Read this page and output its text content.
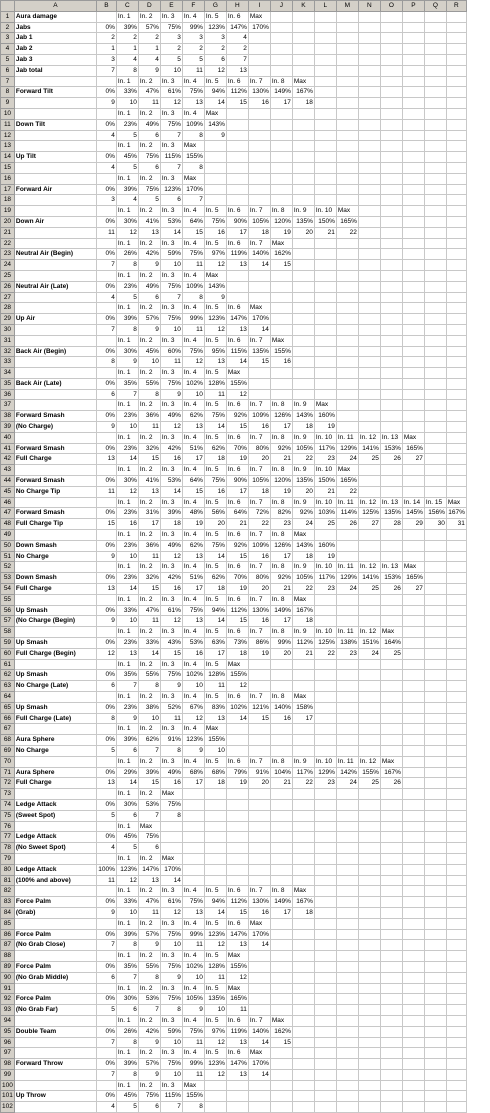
	A	B	C	D	E	F	G	H	I	J	K	L	M	N	O	P	Q	R
1	Aura damage		In. 1	In. 2	In. 3	In. 4	In. 5	In. 6	Max									
2	Jabs	0%	39%	57%	75%	99%	123%	147%	170%									
3	Jab 1	2	2	2	3	3	3	4										
4	Jab 2	1	1	1	2	2	2	2										
5	Jab 3	3	4	4	5	5	6	7										
6	Jab total	7	8	9	10	11	12	13										
7			In. 1	In. 2	In. 3	In. 4	In. 5	In. 6	In. 7	In. 8	Max							
8	Forward Tilt	0%	33%	47%	61%	75%	94%	112%	130%	149%	167%							
9		9	10	11	12	13	14	15	16	17	18							
10			In. 1	In. 2	In. 3	In. 4	Max											
11	Down Tilt	0%	23%	49%	75%	109%	143%											
12		4	5	6	7	8	9											
13			In. 1	In. 2	In. 3	Max												
14	Up Tilt	0%	45%	75%	115%	155%												
15		4	5	6	7	8												
16			In. 1	In. 2	In. 3	Max												
17	Forward Air	0%	39%	75%	123%	170%												
18		3	4	5	6	7												
19			In. 1	In. 2	In. 3	In. 4	In. 5	In. 6	In. 7	In. 8	In. 9	In. 10	Max					
20	Down Air	0%	30%	41%	53%	64%	75%	90%	105%	120%	135%	150%	165%					
21		11	12	13	14	15	16	17	18	19	20	21	22					
22			In. 1	In. 2	In. 3	In. 4	In. 5	In. 6	In. 7	Max								
23	Neutral Air (Begin)	0%	26%	42%	59%	75%	97%	119%	140%	162%								
24		7	8	9	10	11	12	13	14	15								
25			In. 1	In. 2	In. 3	In. 4	Max											
26	Neutral Air (Late)	0%	23%	49%	75%	109%	143%											
27		4	5	6	7	8	9											
28			In. 1	In. 2	In. 3	In. 4	In. 5	In. 6	Max									
29	Up Air	0%	39%	57%	75%	99%	123%	147%	170%									
30		7	8	9	10	11	12	13	14									
31			In. 1	In. 2	In. 3	In. 4	In. 5	In. 6	In. 7	Max								
32	Back Air (Begin)	0%	30%	45%	60%	75%	95%	115%	135%	155%								
33		8	9	10	11	12	13	14	15	16								
34			In. 1	In. 2	In. 3	In. 4	In. 5	Max										
35	Back Air (Late)	0%	35%	55%	75%	102%	128%	155%										
36		6	7	8	9	10	11	12										
37			In. 1	In. 2	In. 3	In. 4	In. 5	In. 6	In. 7	In. 8	In. 9	Max						
38	Forward Smash	0%	23%	36%	49%	62%	75%	92%	109%	126%	143%	160%						
39	(No Charge)	9	10	11	12	13	14	15	16	17	18	19						
40			In. 1	In. 2	In. 3	In. 4	In. 5	In. 6	In. 7	In. 8	In. 9	In. 10	In. 11	In. 12	In. 13	Max		
41	Forward Smash	0%	23%	32%	42%	51%	62%	70%	80%	92%	105%	117%	129%	141%	153%	165%		
42	Full Charge	13	14	15	16	17	18	19	20	21	22	23	24	25	26	27		
43			In. 1	In. 2	In. 3	In. 4	In. 5	In. 6	In. 7	In. 8	In. 9	In. 10	Max					
44	Forward Smash	0%	30%	41%	53%	64%	75%	90%	105%	120%	135%	150%	165%					
45	No Charge Tip	11	12	13	14	15	16	17	18	19	20	21	22					
46			In. 1	In. 2	In. 3	In. 4	In. 5	In. 6	In. 7	In. 8	In. 9	In. 10	In. 11	In. 12	In. 13	In. 14	In. 15	Max
47	Forward Smash	0%	23%	31%	39%	48%	56%	64%	72%	82%	92%	103%	114%	125%	135%	145%	156%	167%
48	Full Charge Tip	15	16	17	18	19	20	21	22	23	24	25	26	27	28	29	30	31
49			In. 1	In. 2	In. 3	In. 4	In. 5	In. 6	In. 7	In. 8	Max							
50	Down Smash	0%	23%	36%	49%	62%	75%	92%	109%	126%	143%	160%						
51	No Charge	9	10	11	12	13	14	15	16	17	18	19						
52			In. 1	In. 2	In. 3	In. 4	In. 5	In. 6	In. 7	In. 8	In. 9	In. 10	In. 11	In. 12	In. 13	Max		
53	Down Smash	0%	23%	32%	42%	51%	62%	70%	80%	92%	105%	117%	129%	141%	153%	165%		
54	Full Charge	13	14	15	16	17	18	19	20	21	22	23	24	25	26	27		
55			In. 1	In. 2	In. 3	In. 4	In. 5	In. 6	In. 7	In. 8	Max							
56	Up Smash	0%	33%	47%	61%	75%	94%	112%	130%	149%	167%							
57	(No Charge (Begin)	9	10	11	12	13	14	15	16	17	18							
58			In. 1	In. 2	In. 3	In. 4	In. 5	In. 6	In. 7	In. 8	In. 9	In. 10	In. 11	In. 12	Max			
59	Up Smash	0%	23%	33%	43%	53%	63%	73%	86%	99%	112%	125%	138%	151%	164%			
60	Full Charge (Begin)	12	13	14	15	16	17	18	19	20	21	22	23	24	25			
61			In. 1	In. 2	In. 3	In. 4	In. 5	Max										
62	Up Smash	0%	35%	55%	75%	102%	128%	155%										
63	No Charge (Late)	6	7	8	9	10	11	12										
64			In. 1	In. 2	In. 3	In. 4	In. 5	In. 6	In. 7	In. 8	Max							
65	Up Smash	0%	23%	38%	52%	67%	83%	102%	121%	140%	158%							
66	Full Charge (Late)	8	9	10	11	12	13	14	15	16	17							
67			In. 1	In. 2	In. 3	In. 4	Max											
68	Aura Sphere	0%	39%	62%	91%	123%	155%											
69	No Charge	5	6	7	8	9	10											
70			In. 1	In. 2	In. 3	In. 4	In. 5	In. 6	In. 7	In. 8	In. 9	In. 10	In. 11	In. 12	Max			
71	Aura Sphere	0%	29%	39%	49%	68%	68%	79%	91%	104%	117%	129%	142%	155%	167%			
72	Full Charge	13	14	15	16	17	18	19	20	21	22	23	24	25	26			
73			In. 1	In. 2	Max													
74	Ledge Attack	0%	30%	53%	75%													
75	(Sweet Spot)	5	6	7	8													
76			In. 1	Max														
77	Ledge Attack	0%	45%	75%														
78	(No Sweet Spot)	4	5	6														
79			In. 1	In. 2	Max													
80	Ledge Attack	100%	123%	147%	170%													
81	(100% and above)	11	12	13	14													
82			In. 1	In. 2	In. 3	In. 4	In. 5	In. 6	In. 7	In. 8	Max							
83	Force Palm	0%	33%	47%	61%	75%	94%	112%	130%	149%	167%							
84	(Grab)	9	10	11	12	13	14	15	16	17	18							
85			In. 1	In. 2	In. 3	In. 4	In. 5	In. 6	Max									
86	Force Palm	0%	39%	57%	75%	99%	123%	147%	170%									
87	(No Grab Close)	7	8	9	10	11	12	13	14									
88			In. 1	In. 2	In. 3	In. 4	In. 5	Max										
89	Force Palm	0%	35%	55%	75%	102%	128%	155%										
90	(No Grab Middle)	6	7	8	9	10	11	12										
91			In. 1	In. 2	In. 3	In. 4	In. 5	Max										
92	Force Palm	0%	30%	53%	75%	105%	135%	165%										
93	(No Grab Far)	5	6	7	8	9	10	11										
94			In. 1	In. 2	In. 3	In. 4	In. 5	In. 6	In. 7	Max								
95	Double Team	0%	26%	42%	59%	75%	97%	119%	140%	162%								
96		7	8	9	10	11	12	13	14	15								
97			In. 1	In. 2	In. 3	In. 4	In. 5	In. 6	Max									
98	Forward Throw	0%	39%	57%	75%	99%	123%	147%	170%									
99		7	8	9	10	11	12	13	14									
100			In. 1	In. 2	In. 3	Max												
101	Up Throw	0%	45%	75%	115%	155%												
102		4	5	6	7	8												
